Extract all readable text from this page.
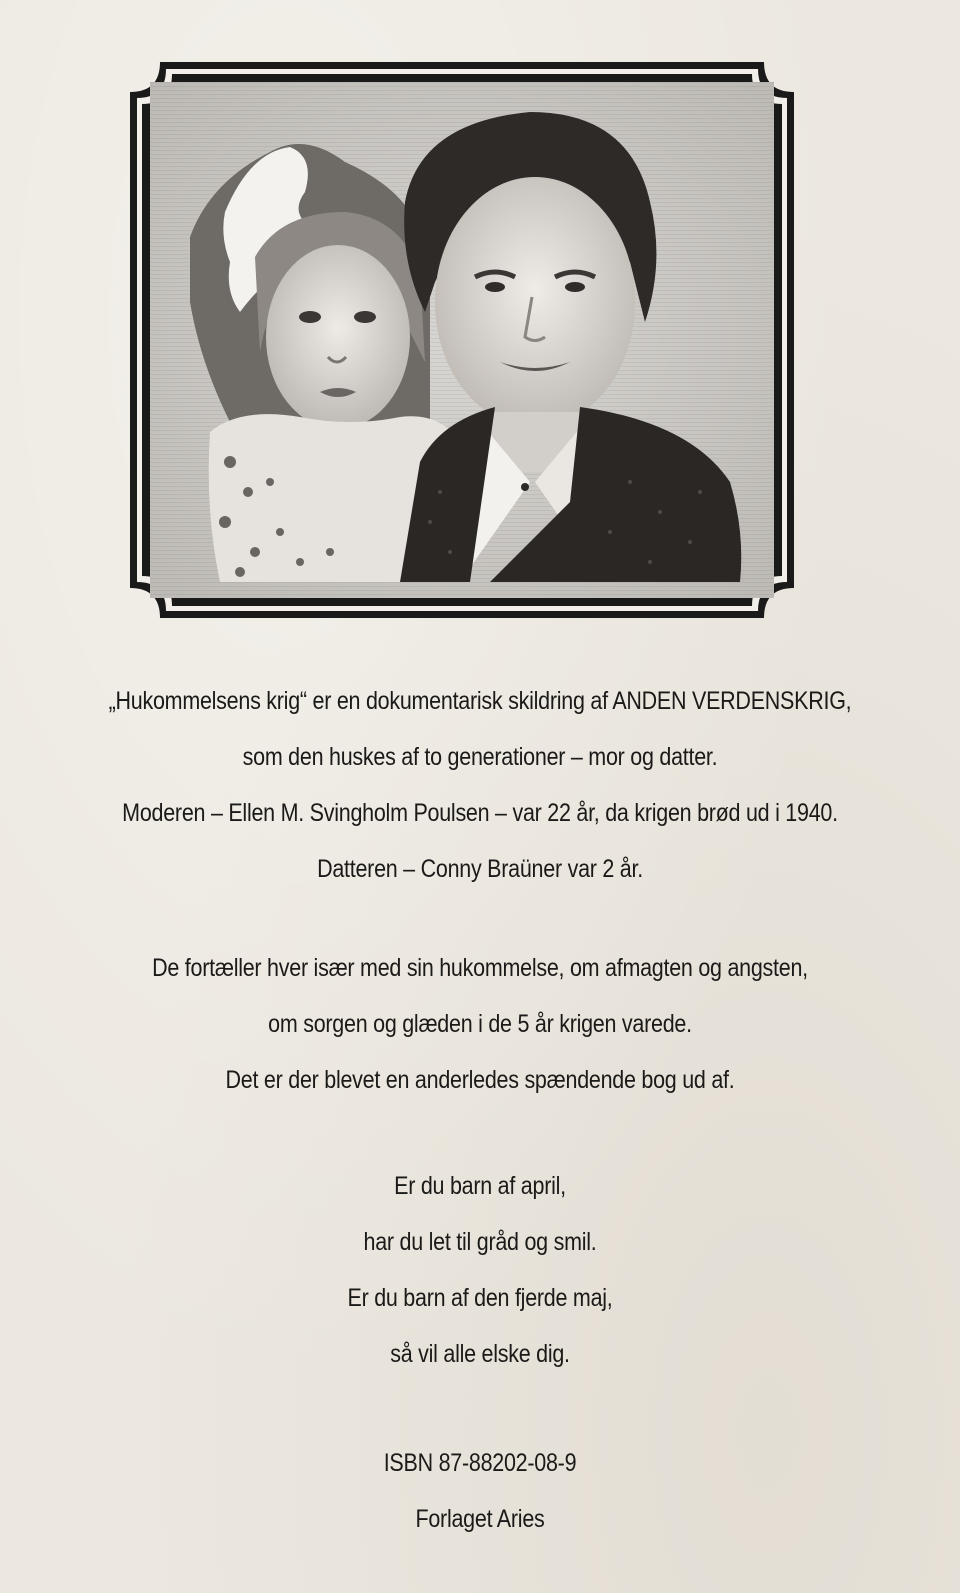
„Hukommelsens krig“ er en dokumentarisk skildring af ANDEN VERDENSKRIG,
som den huskes af to generationer – mor og datter.
Moderen – Ellen M. Svingholm Poulsen – var 22 år, da krigen brød ud i 1940.
Datteren – Conny Braüner var 2 år.
De fortæller hver især med sin hukommelse, om afmagten og angsten,
om sorgen og glæden i de 5 år krigen varede.
Det er der blevet en anderledes spændende bog ud af.
Er du barn af april,
har du let til gråd og smil.
Er du barn af den fjerde maj,
så vil alle elske dig.
ISBN 87-88202-08-9
Forlaget Aries
